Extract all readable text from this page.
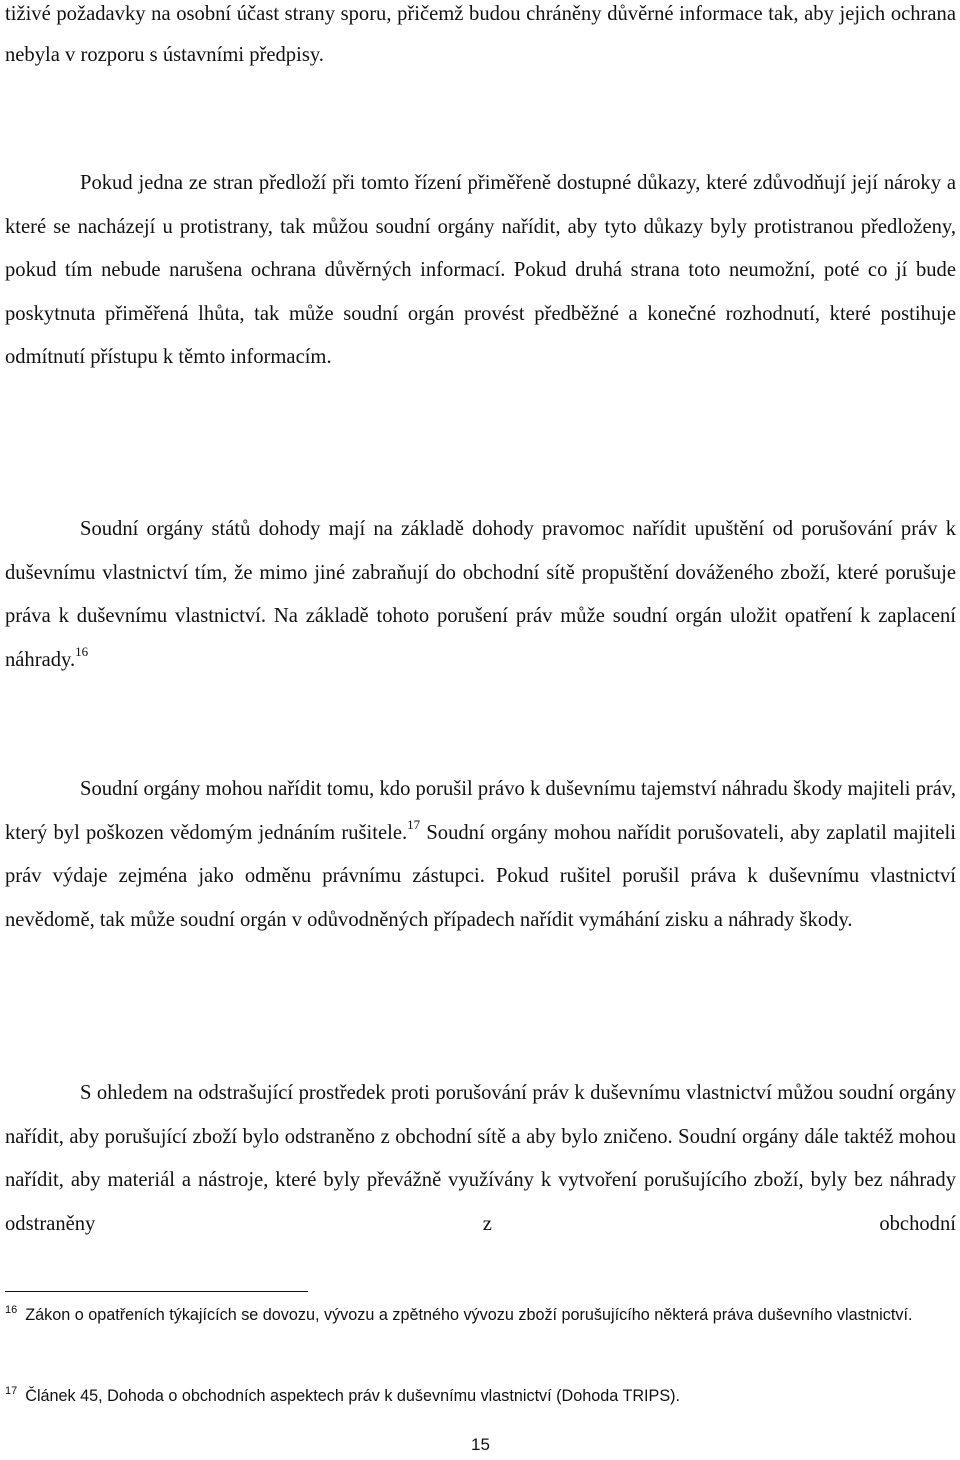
tiživé požadavky na osobní účast strany sporu, přičemž budou chráněny důvěrné informace tak, aby jejich ochrana nebyla v rozporu s ústavními předpisy.

Pokud jedna ze stran předloží při tomto řízení přiměřeně dostupné důkazy, které zdůvodňují její nároky a které se nacházejí u protistrany, tak můžou soudní orgány nařídit, aby tyto důkazy byly protistranou předloženy, pokud tím nebude narušena ochrana důvěrných informací. Pokud druhá strana toto neumožní, poté co jí bude poskytnuta přiměřená lhůta, tak může soudní orgán provést předběžné a konečné rozhodnutí, které postihuje odmítnutí přístupu k těmto informacím.

Soudní orgány států dohody mají na základě dohody pravomoc nařídit upuštění od porušování práv k duševnímu vlastnictví tím, že mimo jiné zabraňují do obchodní sítě propuštění dováženého zboží, které porušuje práva k duševnímu vlastnictví. Na základě tohoto porušení práv může soudní orgán uložit opatření k zaplacení náhrady.$^{16}$

Soudní orgány mohou nařídit tomu, kdo porušil právo k duševnímu tajemství náhradu škody majiteli práv, který byl poškozen vědomým jednáním rušitele.$^{17}$ Soudní orgány mohou nařídit porušovateli, aby zaplatil majiteli práv výdaje zejména jako odměnu právnímu zástupci. Pokud rušitel porušil práva k duševnímu vlastnictví nevědomě, tak může soudní orgán v odůvodněných případech nařídit vymáhání zisku a náhrady škody.

S ohledem na odstrašující prostředek proti porušování práv k duševnímu vlastnictví můžou soudní orgány nařídit, aby porušující zboží bylo odstraněno z obchodní sítě a aby bylo zničeno. Soudní orgány dále taktéž mohou nařídit, aby materiál a nástroje, které byly převážně využívány k vytvoření porušujícího zboží, byly bez náhrady odstraněny z obchodní

$^{16}$ Zákon o opatřeních týkajících se dovozu, vývozu a zpětného vývozu zboží porušujícího některá práva duševního vlastnictví.

$^{17}$ Článek 45, Dohoda o obchodních aspektech práv k duševnímu vlastnictví (Dohoda TRIPS).

15
